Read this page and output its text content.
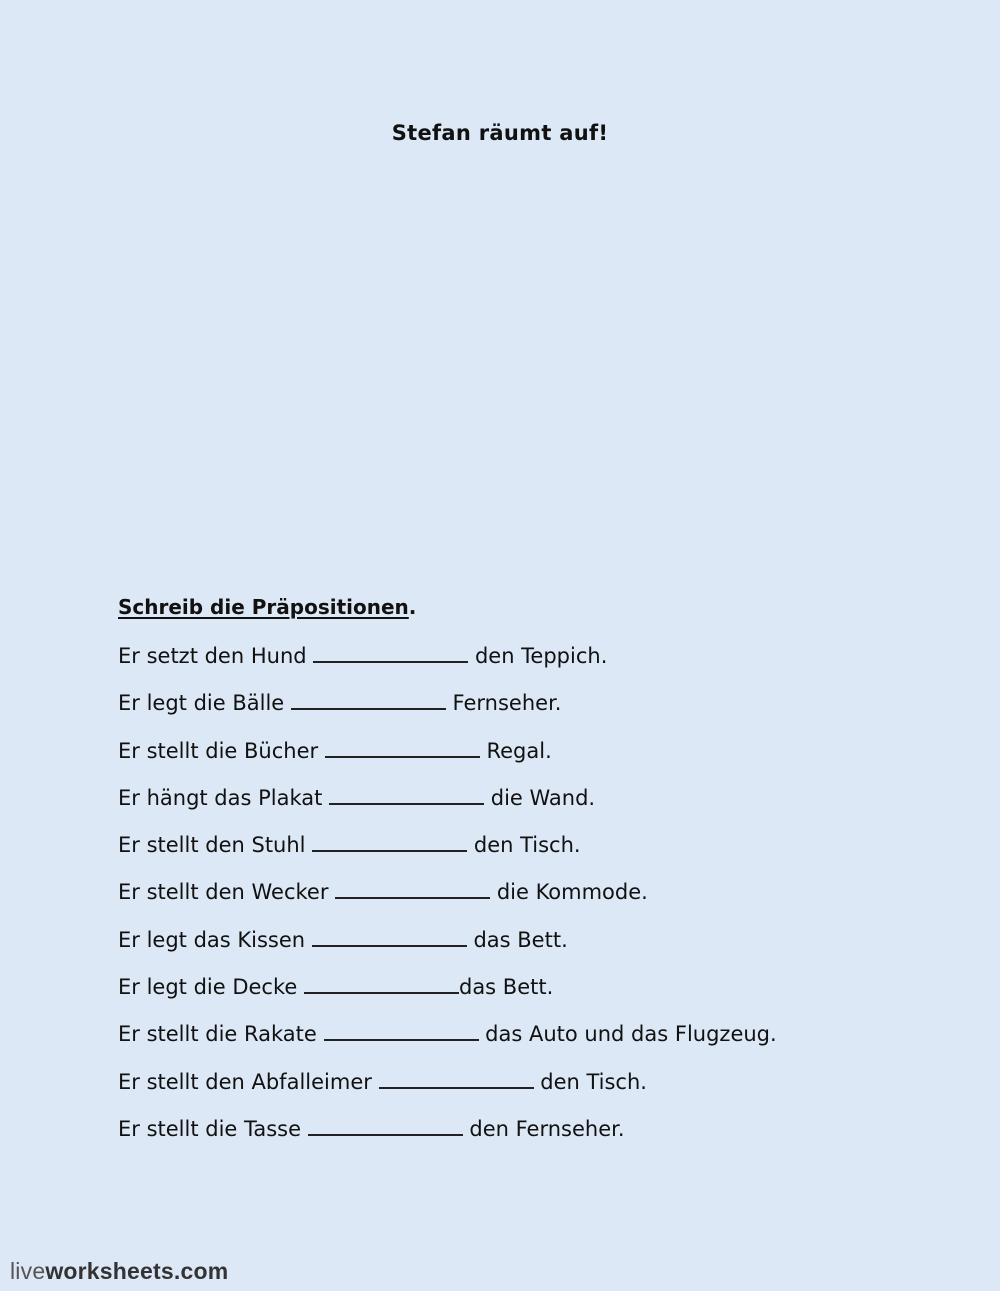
Stefan räumt auf!
Schreib die Präpositionen.
Er setzt den Hund	den Teppich.
Er legt die Bälle	Fernseher.
Er stellt die Bücher	Regal.
Er hängt das Plakat	die Wand.
Er stellt den Stuhl	den Tisch.
Er stellt den Wecker	die Kommode.
Er legt das Kissen	das Bett.
Er legt die Decke	das Bett.
Er stellt die Rakate	das Auto und das Flugzeug.
Er stellt den Abfalleimer	den Tisch.
Er stellt die Tasse	den Fernseher.
liveworksheets.com
